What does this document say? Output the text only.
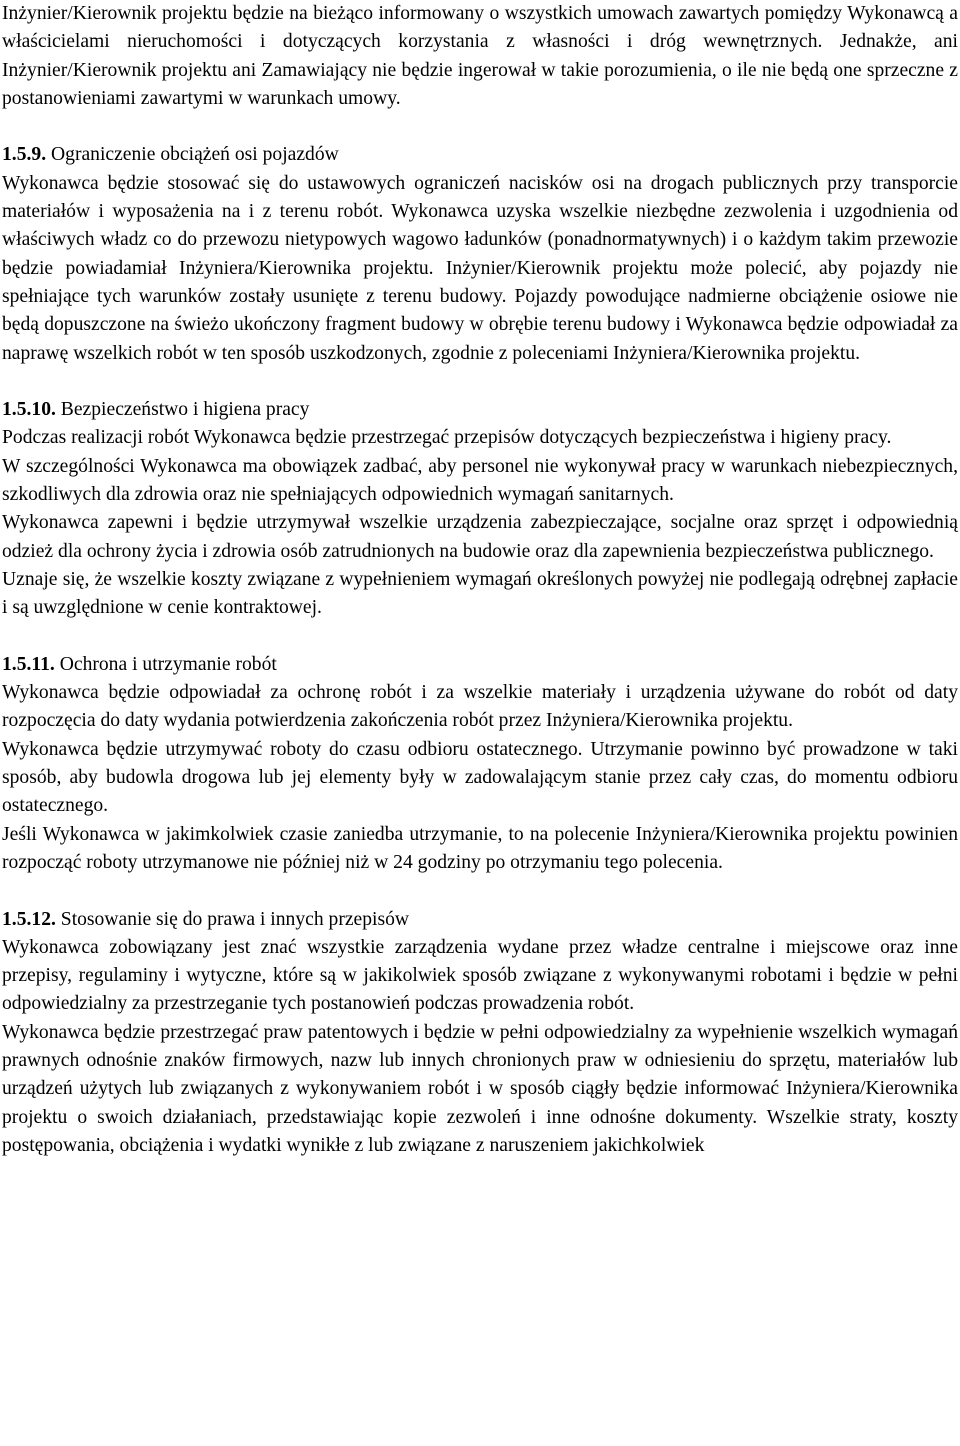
Inżynier/Kierownik projektu będzie na bieżąco informowany o wszystkich umowach zawartych pomiędzy Wykonawcą a właścicielami nieruchomości i dotyczących korzystania z własności i dróg wewnętrznych. Jednakże, ani Inżynier/Kierownik projektu ani Zamawiający nie będzie ingerował w takie porozumienia, o ile nie będą one sprzeczne z postanowieniami zawartymi w warunkach umowy.

1.5.9. Ograniczenie obciążeń osi pojazdów

Wykonawca będzie stosować się do ustawowych ograniczeń nacisków osi na drogach publicznych przy transporcie materiałów i wyposażenia na i z terenu robót. Wykonawca uzyska wszelkie niezbędne zezwolenia i uzgodnienia od właściwych władz co do przewozu nietypowych wagowo ładunków (ponadnormatywnych) i o każdym takim przewozie będzie powiadamiał Inżyniera/Kierownika projektu. Inżynier/Kierownik projektu może polecić, aby pojazdy nie spełniające tych warunków zostały usunięte z terenu budowy. Pojazdy powodujące nadmierne obciążenie osiowe nie będą dopuszczone na świeżo ukończony fragment budowy w obrębie terenu budowy i Wykonawca będzie odpowiadał za naprawę wszelkich robót w ten sposób uszkodzonych, zgodnie z poleceniami Inżyniera/Kierownika projektu.

1.5.10. Bezpieczeństwo i higiena pracy

Podczas realizacji robót Wykonawca będzie przestrzegać przepisów dotyczących bezpieczeństwa i higieny pracy.

W szczególności Wykonawca ma obowiązek zadbać, aby personel nie wykonywał pracy w warunkach niebezpiecznych, szkodliwych dla zdrowia oraz nie spełniających odpowiednich wymagań sanitarnych.

Wykonawca zapewni i będzie utrzymywał wszelkie urządzenia zabezpieczające, socjalne oraz sprzęt i odpowiednią odzież dla ochrony życia i zdrowia osób zatrudnionych na budowie oraz dla zapewnienia bezpieczeństwa publicznego.

Uznaje się, że wszelkie koszty związane z wypełnieniem wymagań określonych powyżej nie podlegają odrębnej zapłacie i są uwzględnione w cenie kontraktowej.

1.5.11. Ochrona i utrzymanie robót

Wykonawca będzie odpowiadał za ochronę robót i za wszelkie materiały i urządzenia używane do robót od daty rozpoczęcia do daty wydania potwierdzenia zakończenia robót przez Inżyniera/Kierownika projektu.

Wykonawca będzie utrzymywać roboty do czasu odbioru ostatecznego. Utrzymanie powinno być prowadzone w taki sposób, aby budowla drogowa lub jej elementy były w zadowalającym stanie przez cały czas, do momentu odbioru ostatecznego.

Jeśli Wykonawca w jakimkolwiek czasie zaniedba utrzymanie, to na polecenie Inżyniera/Kierownika projektu powinien rozpocząć roboty utrzymanowe nie później niż w 24 godziny po otrzymaniu tego polecenia.

1.5.12. Stosowanie się do prawa i innych przepisów

Wykonawca zobowiązany jest znać wszystkie zarządzenia wydane przez władze centralne i miejscowe oraz inne przepisy, regulaminy i wytyczne, które są w jakikolwiek sposób związane z wykonywanymi robotami i będzie w pełni odpowiedzialny za przestrzeganie tych postanowień podczas prowadzenia robót.

Wykonawca będzie przestrzegać praw patentowych i będzie w pełni odpowiedzialny za wypełnienie wszelkich wymagań prawnych odnośnie znaków firmowych, nazw lub innych chronionych praw w odniesieniu do sprzętu, materiałów lub urządzeń użytych lub związanych z wykonywaniem robót i w sposób ciągły będzie informować Inżyniera/Kierownika projektu o swoich działaniach, przedstawiając kopie zezwoleń i inne odnośne dokumenty. Wszelkie straty, koszty postępowania, obciążenia i wydatki wynikłe z lub związane z naruszeniem jakichkolwiek
